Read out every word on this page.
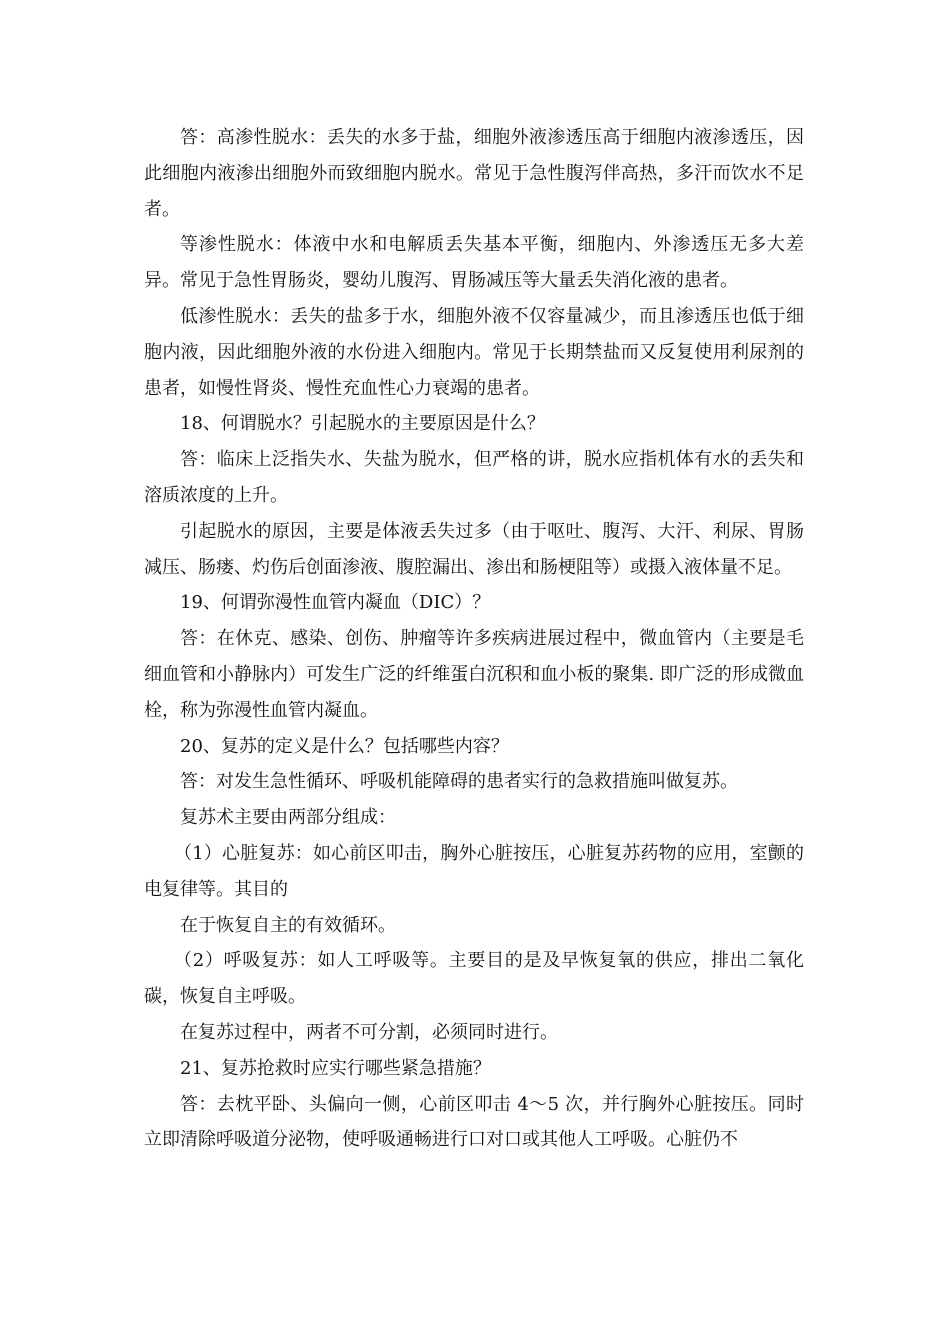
答：高渗性脱水：丢失的水多于盐，细胞外液渗透压高于细胞内液渗透压，因此细胞内液渗出细胞外而致细胞内脱水。常见于急性腹泻伴高热，多汗而饮水不足者。

等渗性脱水：体液中水和电解质丢失基本平衡，细胞内、外渗透压无多大差异。常见于急性胃肠炎，婴幼儿腹泻、胃肠减压等大量丢失消化液的患者。

低渗性脱水：丢失的盐多于水，细胞外液不仅容量减少，而且渗透压也低于细胞内液，因此细胞外液的水份进入细胞内。常见于长期禁盐而又反复使用利尿剂的患者，如慢性肾炎、慢性充血性心力衰竭的患者。

18、何谓脱水？引起脱水的主要原因是什么？

答：临床上泛指失水、失盐为脱水，但严格的讲，脱水应指机体有水的丢失和溶质浓度的上升。

引起脱水的原因，主要是体液丢失过多（由于呕吐、腹泻、大汗、利尿、胃肠减压、肠瘘、灼伤后创面渗液、腹腔漏出、渗出和肠梗阻等）或摄入液体量不足。

19、何谓弥漫性血管内凝血（DIC）？

答：在休克、感染、创伤、肿瘤等许多疾病进展过程中，微血管内（主要是毛细血管和小静脉内）可发生广泛的纤维蛋白沉积和血小板的聚集. 即广泛的形成微血栓，称为弥漫性血管内凝血。

20、复苏的定义是什么？包括哪些内容？

答：对发生急性循环、呼吸机能障碍的患者实行的急救措施叫做复苏。

复苏术主要由两部分组成：

（1）心脏复苏：如心前区叩击，胸外心脏按压，心脏复苏药物的应用，室颤的电复律等。其目的

在于恢复自主的有效循环。

（2）呼吸复苏：如人工呼吸等。主要目的是及早恢复氧的供应，排出二氧化碳，恢复自主呼吸。

在复苏过程中，两者不可分割，必须同时进行。

21、复苏抢救时应实行哪些紧急措施？

答：去枕平卧、头偏向一侧，心前区叩击 4～5 次，并行胸外心脏按压。同时立即清除呼吸道分泌物，使呼吸通畅进行口对口或其他人工呼吸。心脏仍不
